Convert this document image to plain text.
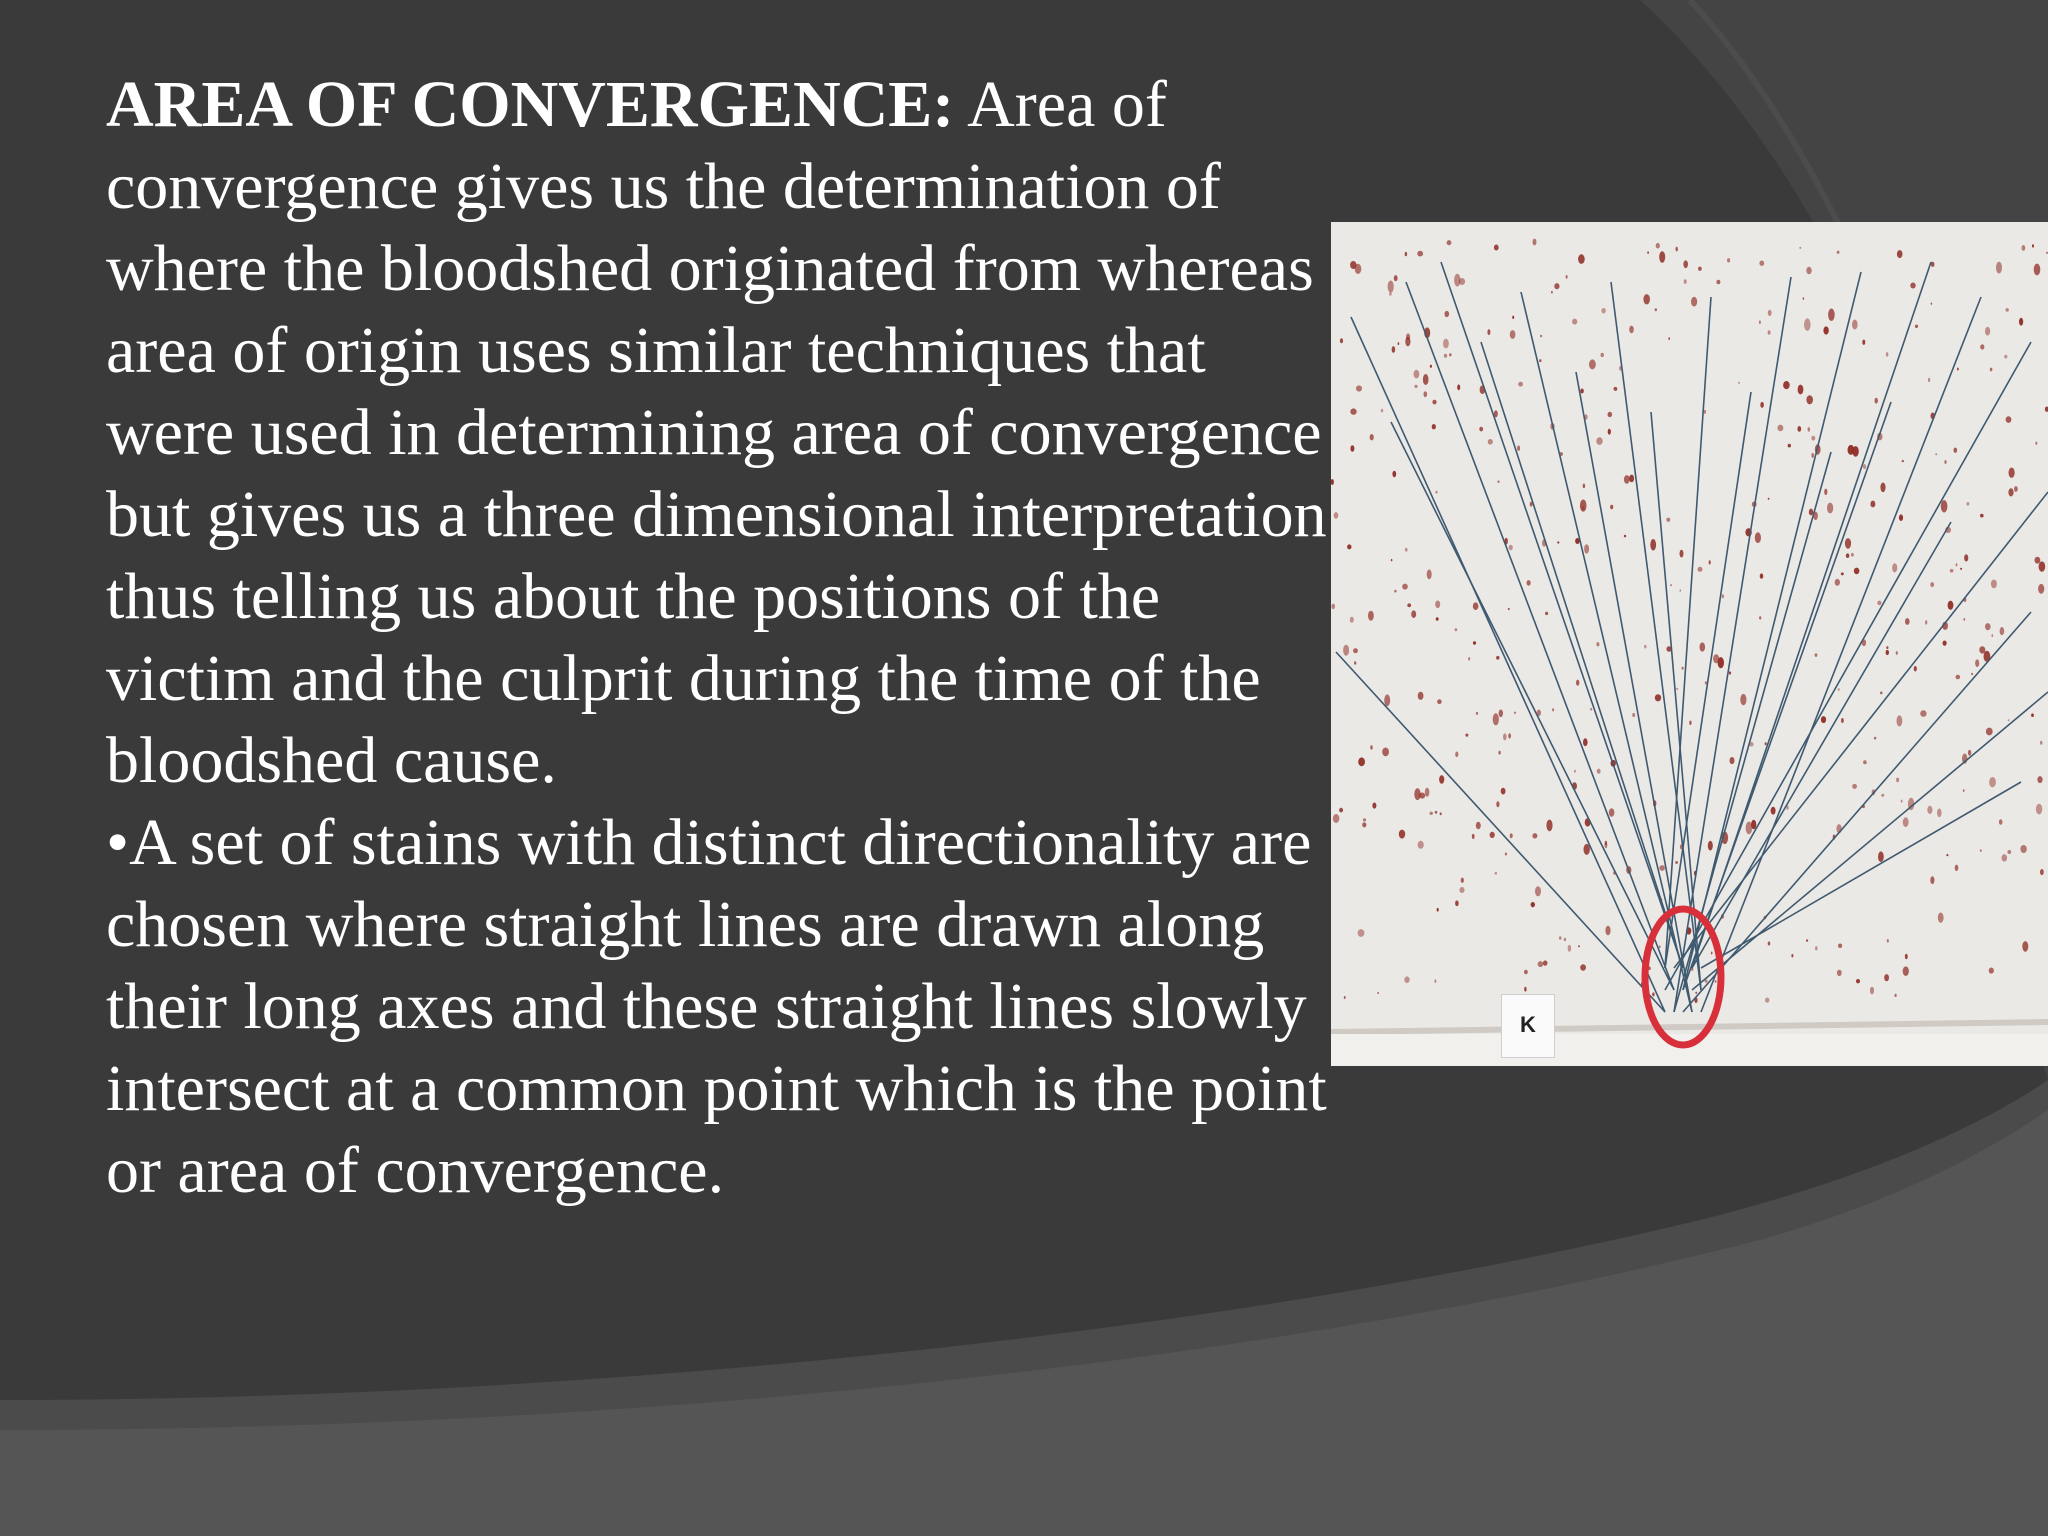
AREA OF CONVERGENCE: Area of convergence gives us the determination of where the bloodshed originated from whereas area of origin uses similar techniques that were used in determining area of convergence but gives us a three dimensional interpretation thus telling us about the positions of the victim and the culprit during the time of the bloodshed cause.

•A set of stains with distinct directionality are chosen where straight lines are drawn along their long axes and these straight lines slowly intersect at a common point which is the point or area of convergence.

K
